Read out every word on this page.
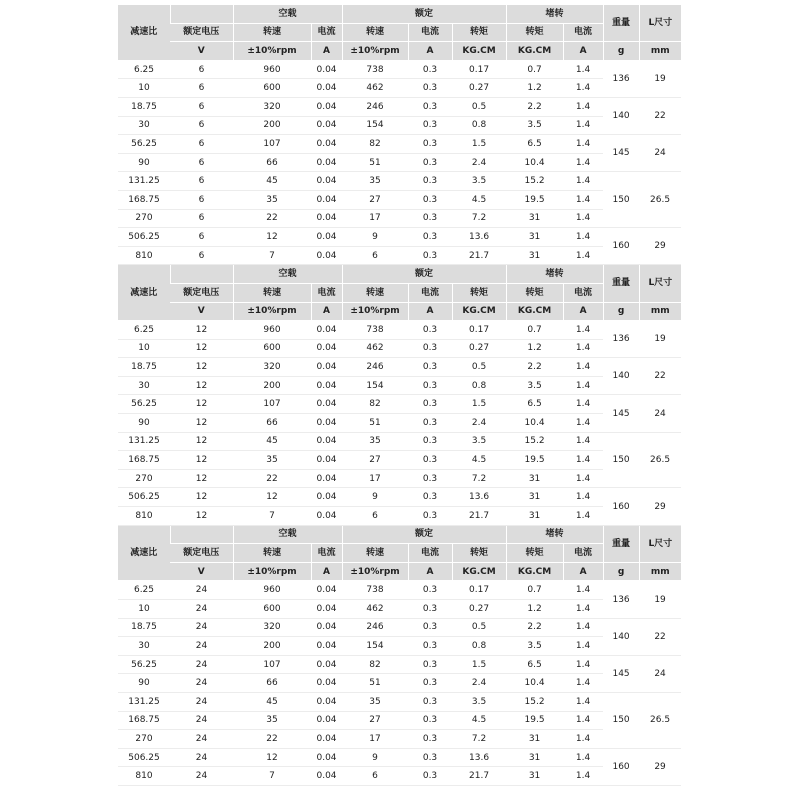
减速比		空载		额定			堵转		重量	L尺寸
	额定电压	转速	电流	转速	电流	转矩	转矩	电流		
	V	±10%rpm	A	±10%rpm	A	KG.CM	KG.CM	A	g	mm
6.25	6	960	0.04	738	0.3	0.17	0.7	1.4	136	19
10	6	600	0.04	462	0.3	0.27	1.2	1.4		
18.75	6	320	0.04	246	0.3	0.5	2.2	1.4	140	22
30	6	200	0.04	154	0.3	0.8	3.5	1.4		
56.25	6	107	0.04	82	0.3	1.5	6.5	1.4	145	24
90	6	66	0.04	51	0.3	2.4	10.4	1.4		
131.25	6	45	0.04	35	0.3	3.5	15.2	1.4	150	26.5
168.75	6	35	0.04	27	0.3	4.5	19.5	1.4		
270	6	22	0.04	17	0.3	7.2	31	1.4		
506.25	6	12	0.04	9	0.3	13.6	31	1.4	160	29
810	6	7	0.04	6	0.3	21.7	31	1.4		
减速比		空载		额定			堵转		重量	L尺寸
	额定电压	转速	电流	转速	电流	转矩	转矩	电流		
	V	±10%rpm	A	±10%rpm	A	KG.CM	KG.CM	A	g	mm
6.25	12	960	0.04	738	0.3	0.17	0.7	1.4	136	19
10	12	600	0.04	462	0.3	0.27	1.2	1.4		
18.75	12	320	0.04	246	0.3	0.5	2.2	1.4	140	22
30	12	200	0.04	154	0.3	0.8	3.5	1.4		
56.25	12	107	0.04	82	0.3	1.5	6.5	1.4	145	24
90	12	66	0.04	51	0.3	2.4	10.4	1.4		
131.25	12	45	0.04	35	0.3	3.5	15.2	1.4	150	26.5
168.75	12	35	0.04	27	0.3	4.5	19.5	1.4		
270	12	22	0.04	17	0.3	7.2	31	1.4		
506.25	12	12	0.04	9	0.3	13.6	31	1.4	160	29
810	12	7	0.04	6	0.3	21.7	31	1.4		
减速比		空载		额定			堵转		重量	L尺寸
	额定电压	转速	电流	转速	电流	转矩	转矩	电流		
	V	±10%rpm	A	±10%rpm	A	KG.CM	KG.CM	A	g	mm
6.25	24	960	0.04	738	0.3	0.17	0.7	1.4	136	19
10	24	600	0.04	462	0.3	0.27	1.2	1.4		
18.75	24	320	0.04	246	0.3	0.5	2.2	1.4	140	22
30	24	200	0.04	154	0.3	0.8	3.5	1.4		
56.25	24	107	0.04	82	0.3	1.5	6.5	1.4	145	24
90	24	66	0.04	51	0.3	2.4	10.4	1.4		
131.25	24	45	0.04	35	0.3	3.5	15.2	1.4	150	26.5
168.75	24	35	0.04	27	0.3	4.5	19.5	1.4		
270	24	22	0.04	17	0.3	7.2	31	1.4		
506.25	24	12	0.04	9	0.3	13.6	31	1.4	160	29
810	24	7	0.04	6	0.3	21.7	31	1.4		
